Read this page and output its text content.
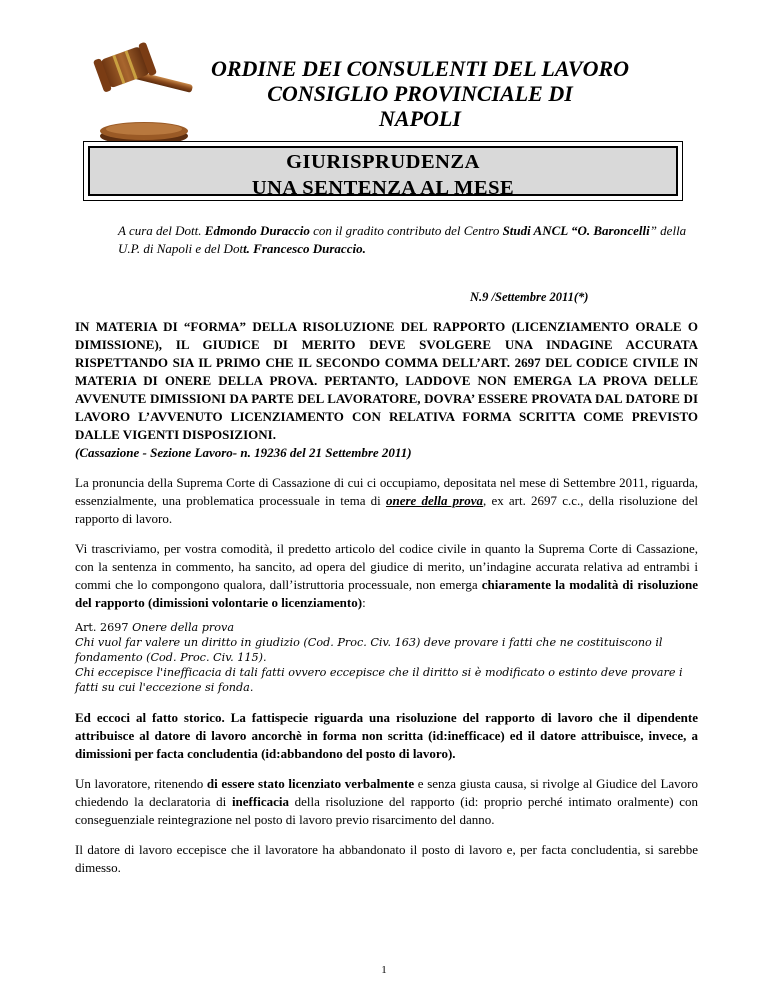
ORDINE DEI CONSULENTI DEL LAVORO
CONSIGLIO PROVINCIALE DI
NAPOLI
GIURISPRUDENZA
UNA SENTENZA AL MESE
A cura del Dott. Edmondo Duraccio con il gradito contributo del Centro Studi ANCL “O. Baroncelli” della U.P. di Napoli e del Dott. Francesco Duraccio.
N.9 /Settembre 2011(*)

IN MATERIA DI “FORMA” DELLA RISOLUZIONE DEL RAPPORTO (LICENZIAMENTO ORALE O DIMISSIONE), IL GIUDICE DI MERITO DEVE SVOLGERE UNA INDAGINE ACCURATA RISPETTANDO SIA IL PRIMO CHE IL SECONDO COMMA DELL’ART. 2697 DEL CODICE CIVILE IN MATERIA DI ONERE DELLA PROVA. PERTANTO, LADDOVE NON EMERGA LA PROVA DELLE AVVENUTE DIMISSIONI DA PARTE DEL LAVORATORE, DOVRA’ ESSERE PROVATA DAL DATORE DI LAVORO L’AVVENUTO LICENZIAMENTO CON RELATIVA FORMA SCRITTA COME PREVISTO DALLE VIGENTI DISPOSIZIONI.

(Cassazione - Sezione Lavoro- n. 19236 del 21 Settembre 2011)

La pronuncia della Suprema Corte di Cassazione di cui ci occupiamo, depositata nel mese di Settembre 2011, riguarda, essenzialmente, una problematica processuale in tema di onere della prova, ex art. 2697 c.c., della risoluzione del rapporto di lavoro.

Vi trascriviamo, per vostra comodità, il predetto articolo del codice civile in quanto la Suprema Corte di Cassazione, con la sentenza in commento, ha sancito, ad opera del giudice di merito, un’indagine accurata relativa ad entrambi i commi che lo compongono qualora, dall’istruttoria processuale, non emerga chiaramente la modalità di risoluzione del rapporto (dimissioni volontarie o licenziamento):

Art. 2697 Onere della prova
Chi vuol far valere un diritto in giudizio (Cod. Proc. Civ. 163) deve provare i fatti che ne costituiscono il fondamento (Cod. Proc. Civ. 115).
Chi eccepisce l'inefficacia di tali fatti ovvero eccepisce che il diritto si è modificato o estinto deve provare i fatti su cui l'eccezione si fonda.

Ed eccoci al fatto storico. La fattispecie riguarda una risoluzione del rapporto di lavoro che il dipendente attribuisce al datore di lavoro ancorchè in forma non scritta (id:inefficace) ed il datore attribuisce, invece, a dimissioni per facta concludentia (id:abbandono del posto di lavoro).

Un lavoratore, ritenendo di essere stato licenziato verbalmente e senza giusta causa, si rivolge al Giudice del Lavoro chiedendo la declaratoria di inefficacia della risoluzione del rapporto (id: proprio perché intimato oralmente) con conseguenziale reintegrazione nel posto di lavoro previo risarcimento del danno.

Il datore di lavoro eccepisce che il lavoratore ha abbandonato il posto di lavoro e, per facta concludentia, si sarebbe dimesso.

1
